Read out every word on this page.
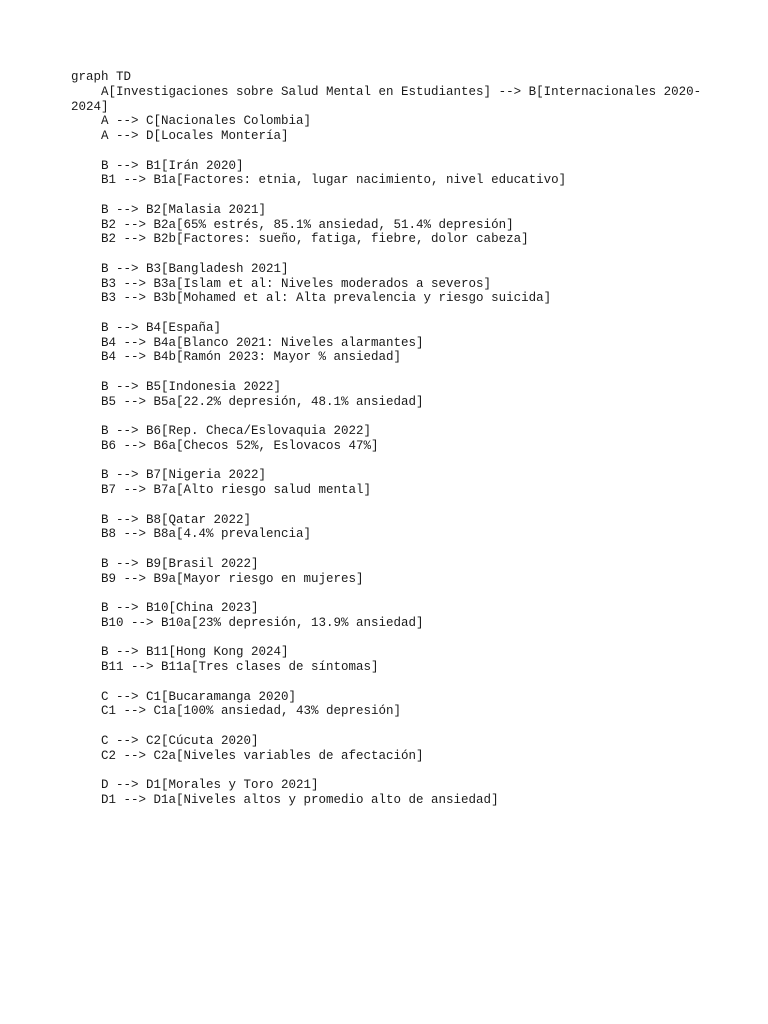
graph TD
A[Investigaciones sobre Salud Mental en Estudiantes] --> B[Internacionales 2020-2024]
A --> C[Nacionales Colombia]
A --> D[Locales Montería]
B --> B1[Irán 2020]
B1 --> B1a[Factores: etnia, lugar nacimiento, nivel educativo]
B --> B2[Malasia 2021]
B2 --> B2a[65% estrés, 85.1% ansiedad, 51.4% depresión]
B2 --> B2b[Factores: sueño, fatiga, fiebre, dolor cabeza]
B --> B3[Bangladesh 2021]
B3 --> B3a[Islam et al: Niveles moderados a severos]
B3 --> B3b[Mohamed et al: Alta prevalencia y riesgo suicida]
B --> B4[España]
B4 --> B4a[Blanco 2021: Niveles alarmantes]
B4 --> B4b[Ramón 2023: Mayor % ansiedad]
B --> B5[Indonesia 2022]
B5 --> B5a[22.2% depresión, 48.1% ansiedad]
B --> B6[Rep. Checa/Eslovaquia 2022]
B6 --> B6a[Checos 52%, Eslovacos 47%]
B --> B7[Nigeria 2022]
B7 --> B7a[Alto riesgo salud mental]
B --> B8[Qatar 2022]
B8 --> B8a[4.4% prevalencia]
B --> B9[Brasil 2022]
B9 --> B9a[Mayor riesgo en mujeres]
B --> B10[China 2023]
B10 --> B10a[23% depresión, 13.9% ansiedad]
B --> B11[Hong Kong 2024]
B11 --> B11a[Tres clases de síntomas]
C --> C1[Bucaramanga 2020]
C1 --> C1a[100% ansiedad, 43% depresión]
C --> C2[Cúcuta 2020]
C2 --> C2a[Niveles variables de afectación]
D --> D1[Morales y Toro 2021]
D1 --> D1a[Niveles altos y promedio alto de ansiedad]
